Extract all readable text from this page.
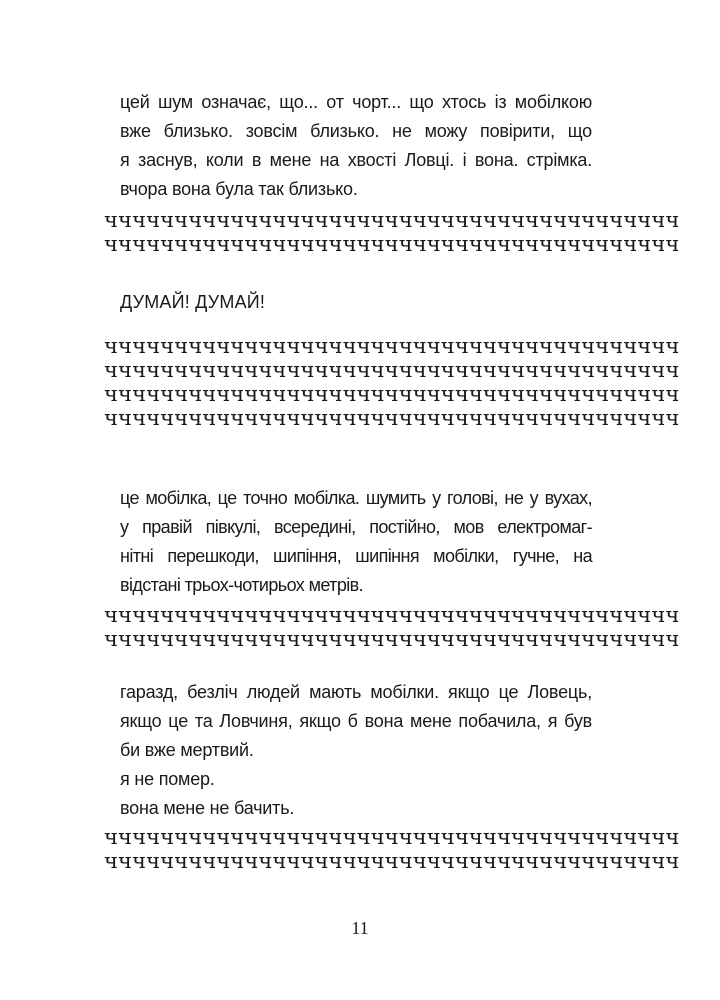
цей шум означає, що... от чорт... що хтось із мобілкою
вже близько. зовсім близько. не можу повірити, що
я заснув, коли в мене на хвості Ловці. і вона. стрімка.
вчора вона була так близько.

ччччччччччччччччччччччччччччччччччччччччч
ччччччччччччччччччччччччччччччччччччччччч

ДУМАЙ! ДУМАЙ!

ччччччччччччччччччччччччччччччччччччччччч
ччччччччччччччччччччччччччччччччччччччччч
ччччччччччччччччччччччччччччччччччччччччч
ччччччччччччччччччччччччччччччччччччччччч

це мобілка, це точно мобілка. шумить у голові, не у вухах,
у правій півкулі, всередині, постійно, мов електромаг-
нітні перешкоди, шипіння, шипіння мобілки, гучне, на
відстані трьох-чотирьох метрів.

ччччччччччччччччччччччччччччччччччччччччч
ччччччччччччччччччччччччччччччччччччччччч

гаразд, безліч людей мають мобілки. якщо це Ловець,
якщо це та Ловчиня, якщо б вона мене побачила, я був
би вже мертвий.
я не помер.
вона мене не бачить.

ччччччччччччччччччччччччччччччччччччччччч
ччччччччччччччччччччччччччччччччччччччччч
11
